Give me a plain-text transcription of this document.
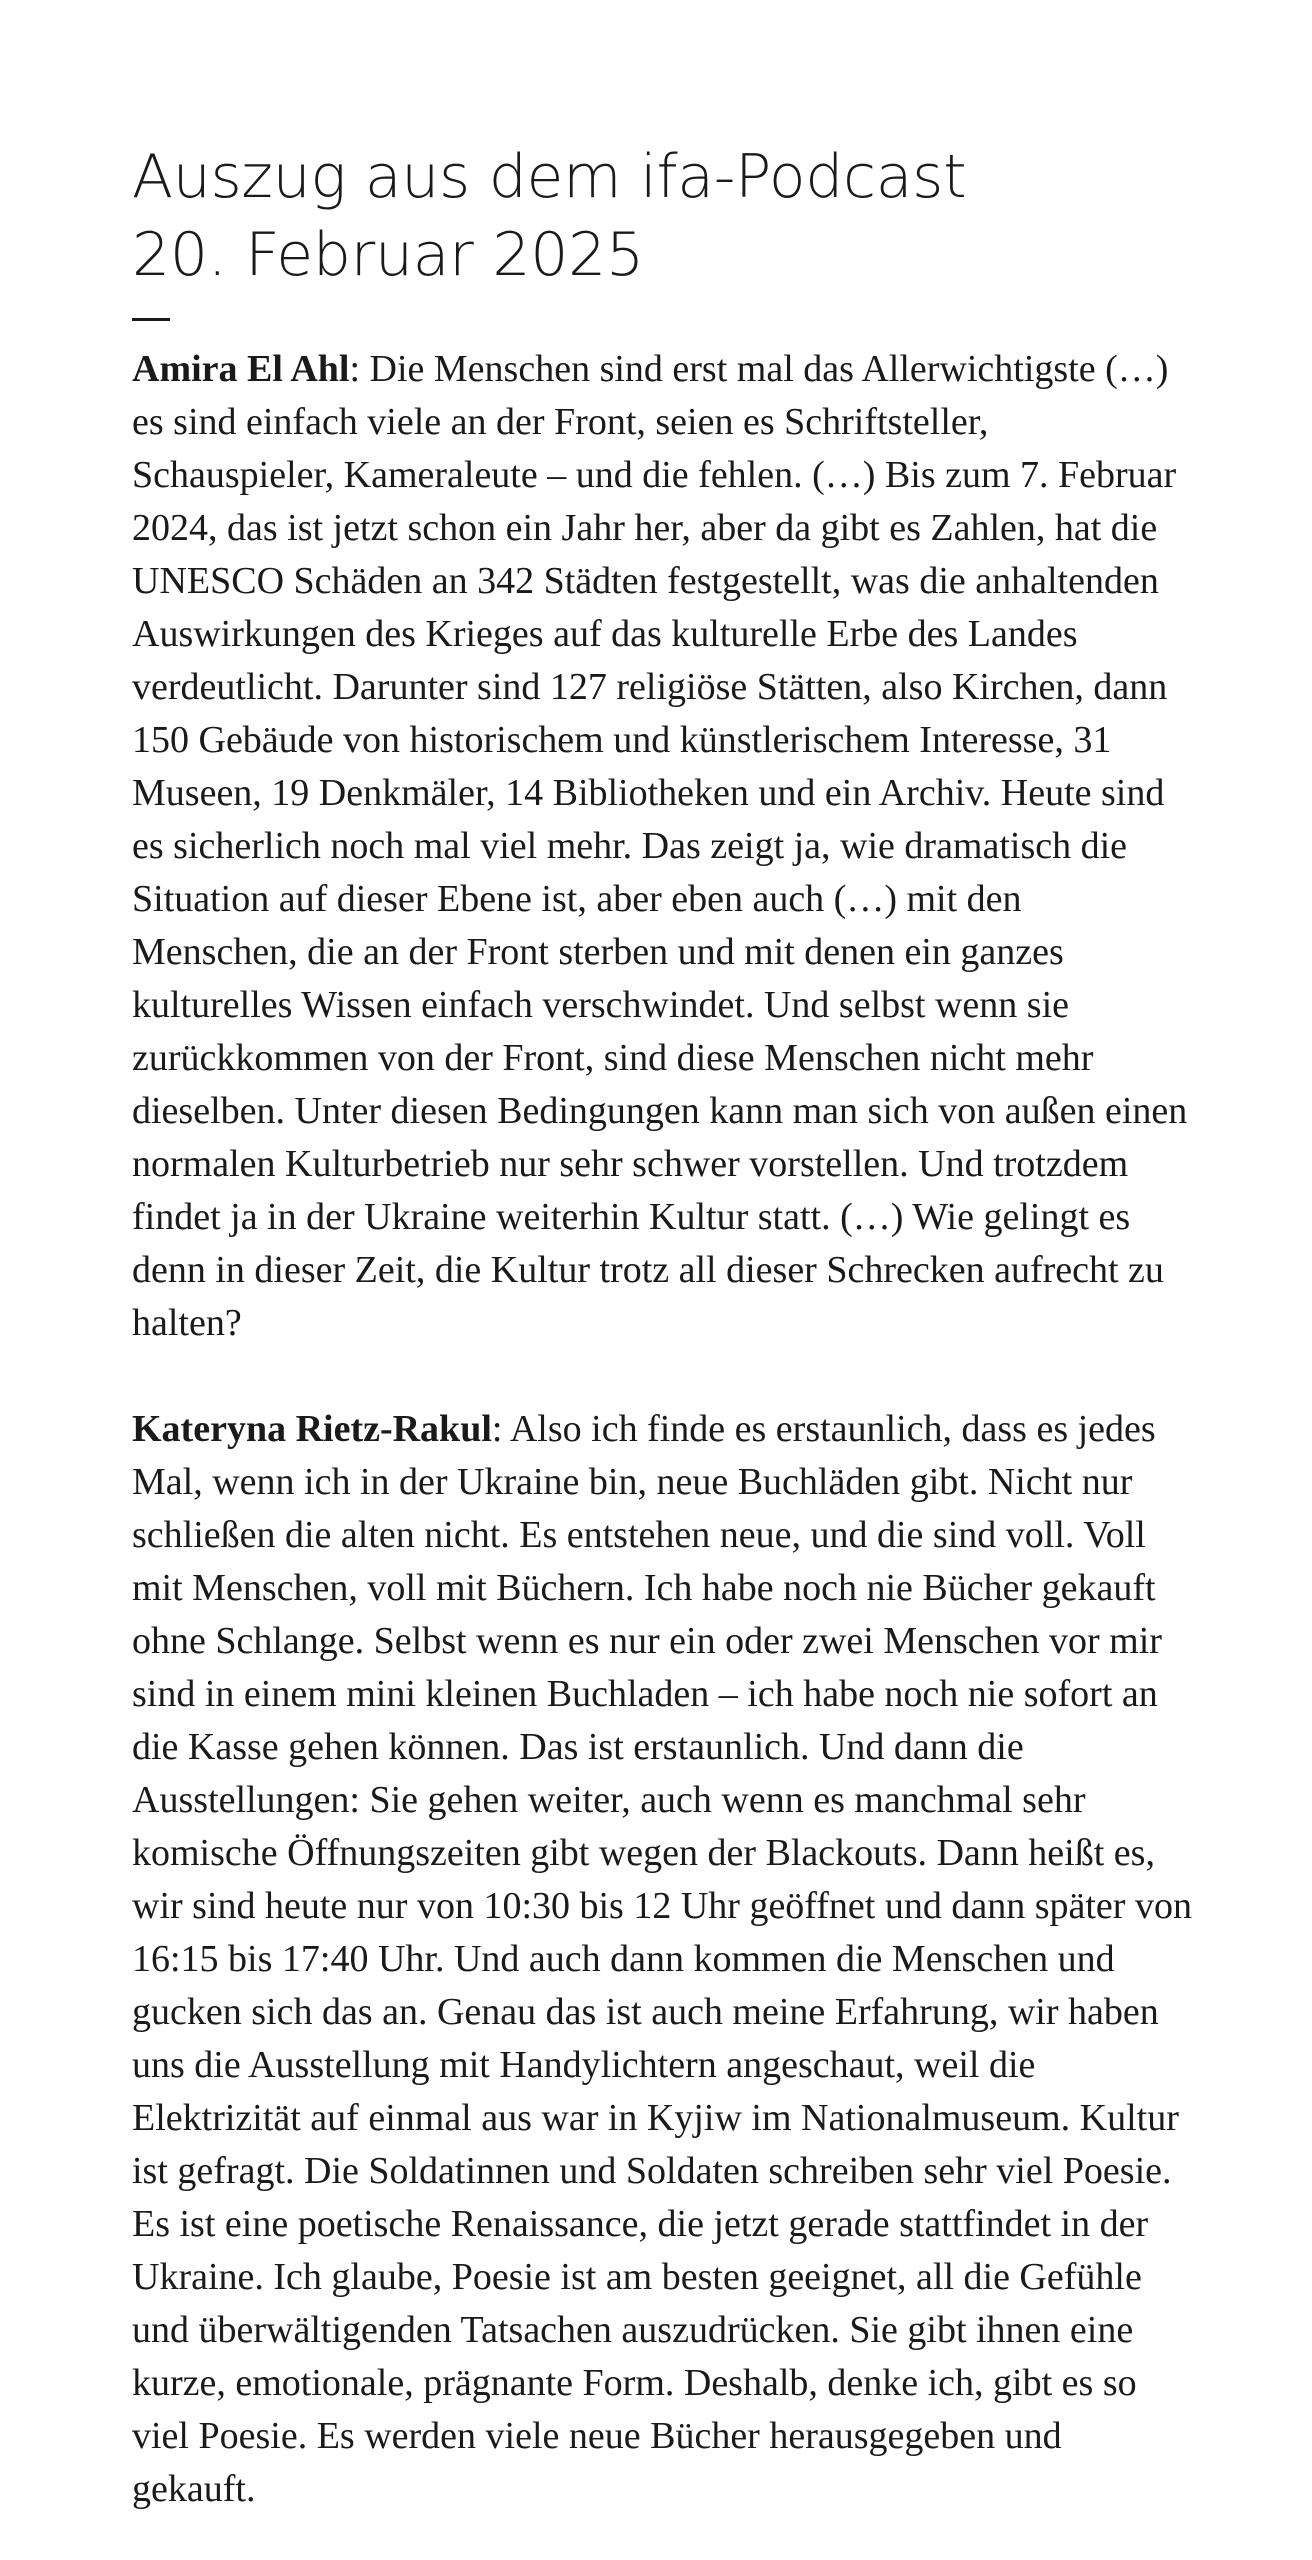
Auszug aus dem ifa-Podcast
20. Februar 2025

Amira El Ahl: Die Menschen sind erst mal das Allerwichtigste (…) es sind einfach viele an der Front, seien es Schriftsteller, Schauspieler, Kameraleute – und die fehlen. (…) Bis zum 7. Februar 2024, das ist jetzt schon ein Jahr her, aber da gibt es Zahlen, hat die UNESCO Schäden an 342 Städten festgestellt, was die anhaltenden Auswirkungen des Krieges auf das kulturelle Erbe des Landes verdeutlicht. Darunter sind 127 religiöse Stätten, also Kirchen, dann 150 Gebäude von historischem und künstlerischem Interesse, 31 Museen, 19 Denkmäler, 14 Bibliotheken und ein Archiv. Heute sind es sicherlich noch mal viel mehr. Das zeigt ja, wie dramatisch die Situation auf dieser Ebene ist, aber eben auch (…) mit den Menschen, die an der Front sterben und mit denen ein ganzes kulturelles Wissen einfach verschwindet. Und selbst wenn sie zurückkommen von der Front, sind diese Menschen nicht mehr dieselben. Unter diesen Bedingungen kann man sich von außen einen normalen Kulturbetrieb nur sehr schwer vorstellen. Und trotzdem findet ja in der Ukraine weiterhin Kultur statt. (…) Wie gelingt es denn in dieser Zeit, die Kultur trotz all dieser Schrecken aufrecht zu halten?

Kateryna Rietz-Rakul: Also ich finde es erstaunlich, dass es jedes Mal, wenn ich in der Ukraine bin, neue Buchläden gibt. Nicht nur schließen die alten nicht. Es entstehen neue, und die sind voll. Voll mit Menschen, voll mit Büchern. Ich habe noch nie Bücher gekauft ohne Schlange. Selbst wenn es nur ein oder zwei Menschen vor mir sind in einem mini kleinen Buchladen – ich habe noch nie sofort an die Kasse gehen können. Das ist erstaunlich. Und dann die Ausstellungen: Sie gehen weiter, auch wenn es manchmal sehr komische Öffnungszeiten gibt wegen der Blackouts. Dann heißt es, wir sind heute nur von 10:30 bis 12 Uhr geöffnet und dann später von 16:15 bis 17:40 Uhr. Und auch dann kommen die Menschen und gucken sich das an. Genau das ist auch meine Erfahrung, wir haben uns die Ausstellung mit Handylichtern angeschaut, weil die Elektrizität auf einmal aus war in Kyjiw im Nationalmuseum. Kultur ist gefragt. Die Soldatinnen und Soldaten schreiben sehr viel Poesie. Es ist eine poetische Renaissance, die jetzt gerade stattfindet in der Ukraine. Ich glaube, Poesie ist am besten geeignet, all die Gefühle und überwältigenden Tatsachen auszudrücken. Sie gibt ihnen eine kurze, emotionale, prägnante Form. Deshalb, denke ich, gibt es so viel Poesie. Es werden viele neue Bücher herausgegeben und gekauft.
